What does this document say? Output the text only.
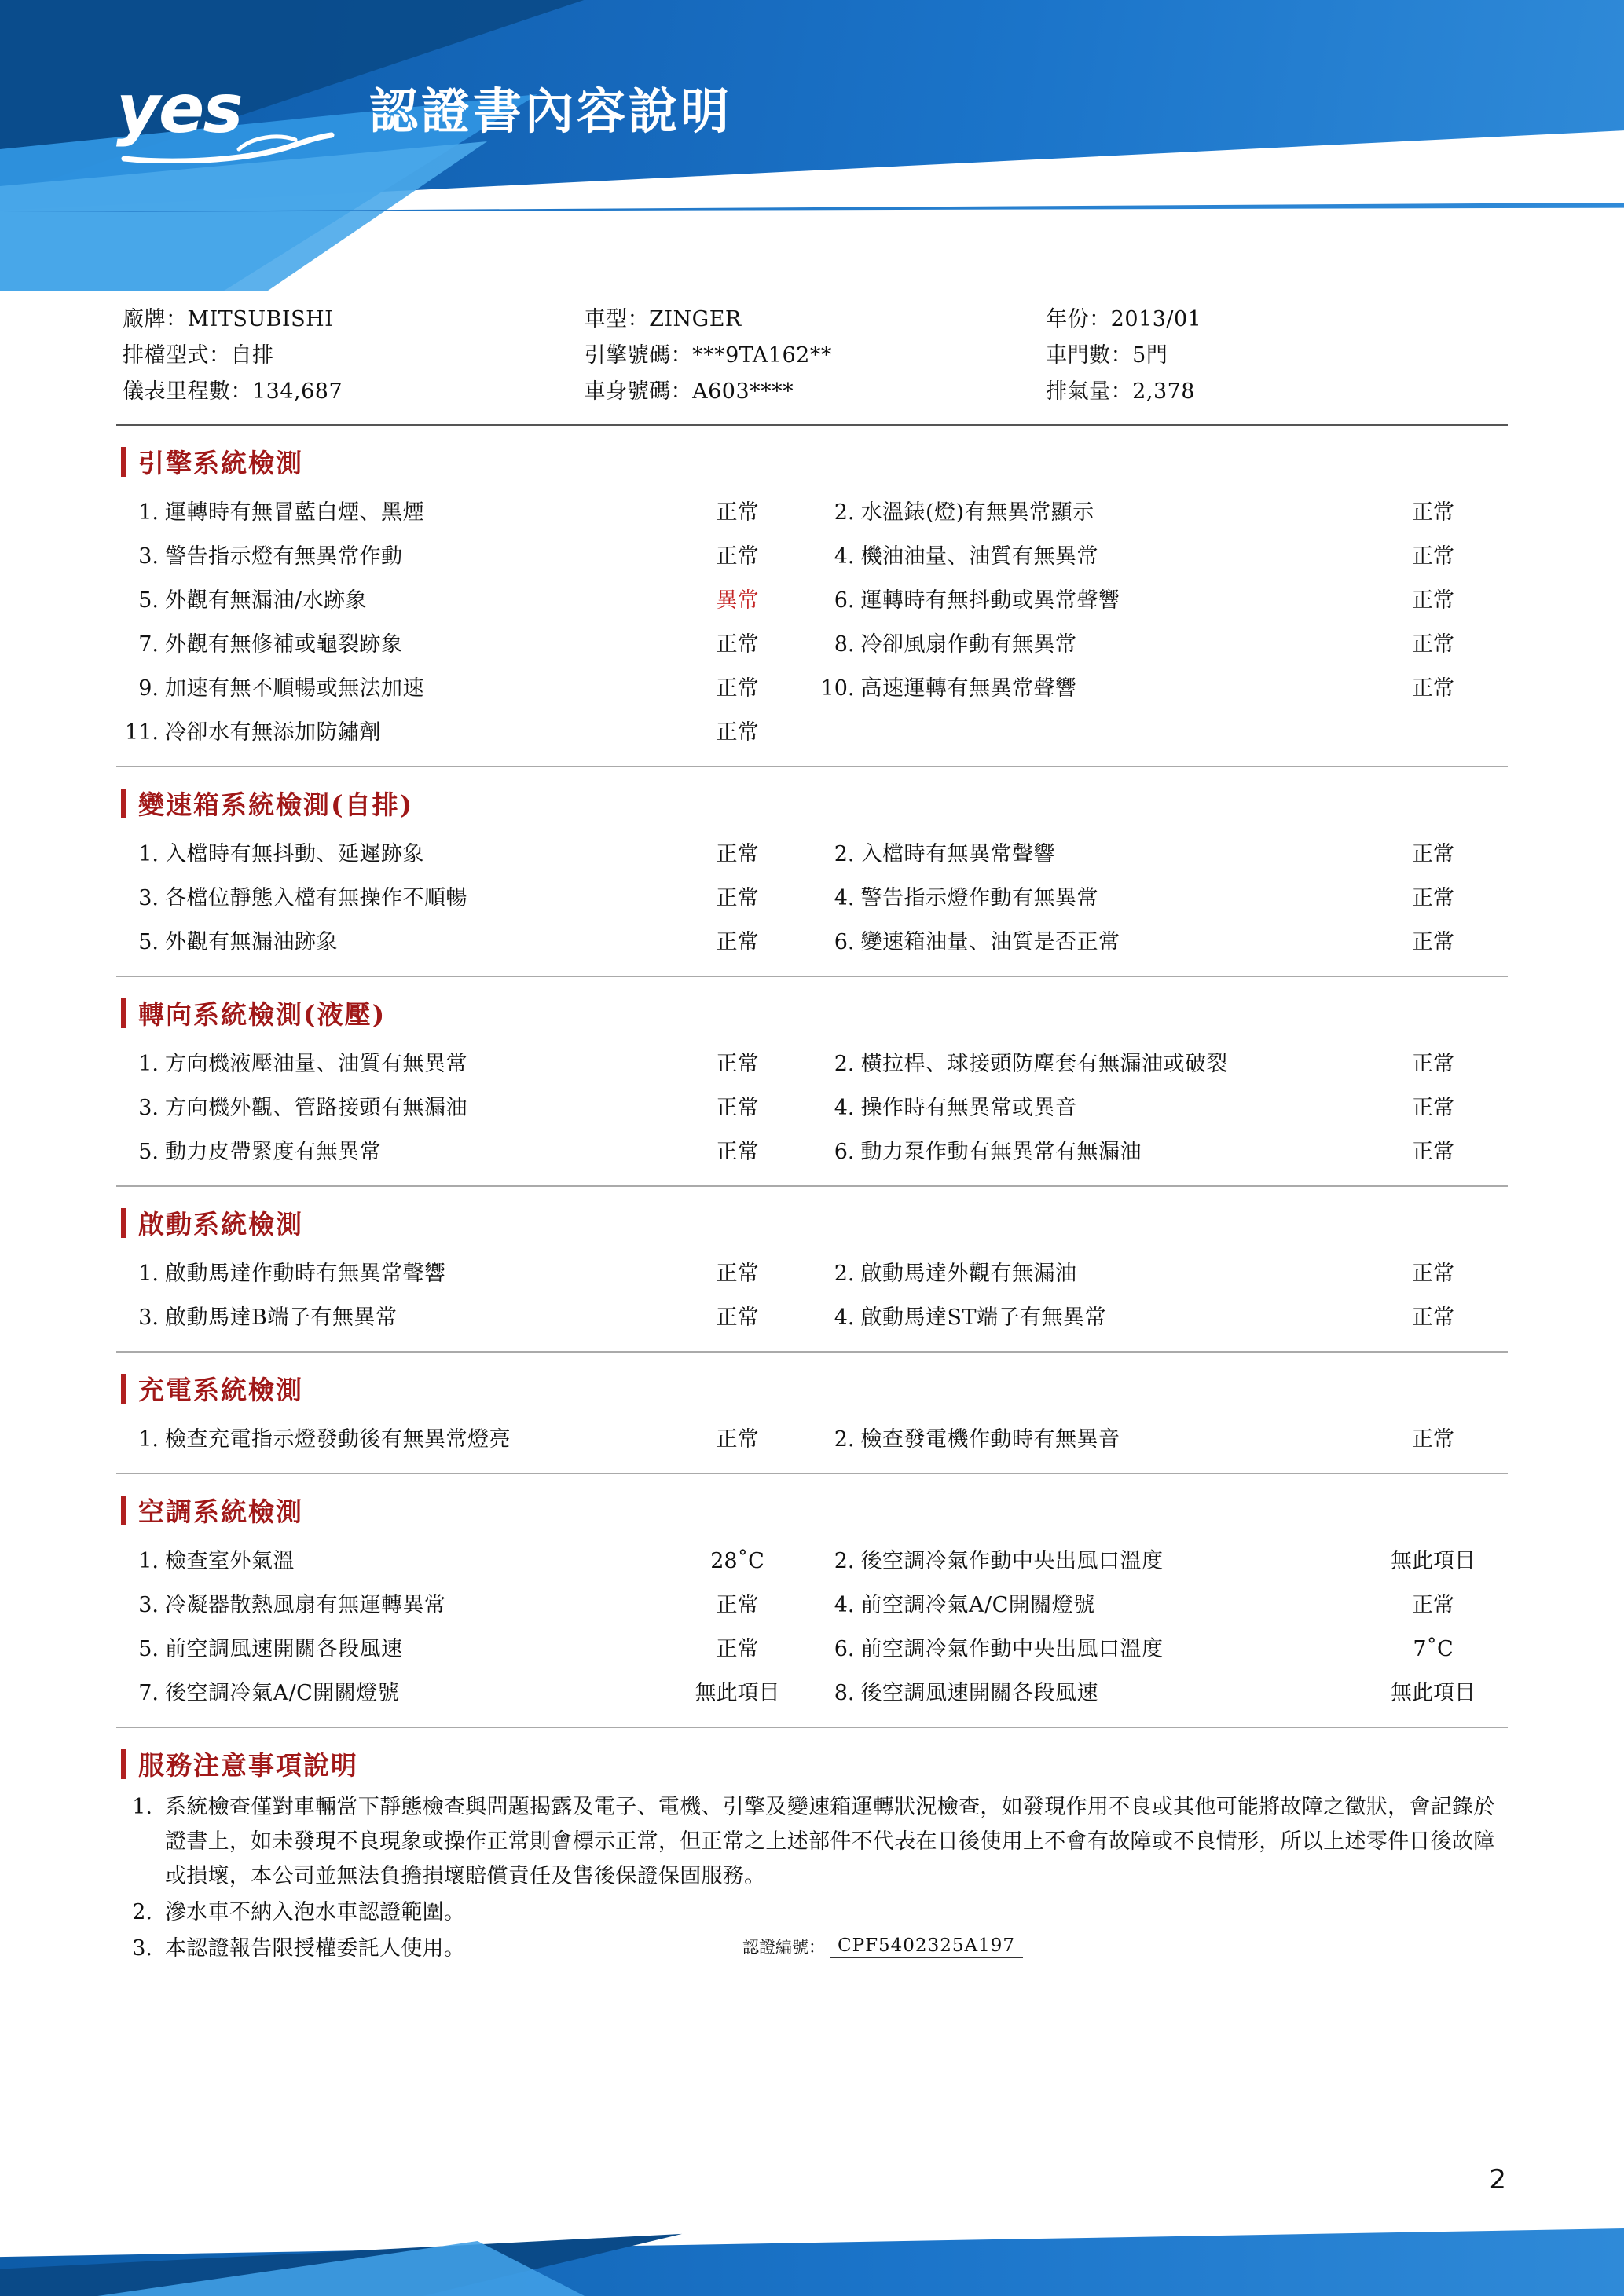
yes	認證書內容說明
廠牌：MITSUBISHI
排檔型式：自排
儀表里程數：134,687
車型：ZINGER
引擎號碼：***9TA162**
車身號碼：A603****
年份：2013/01
車門數：5門
排氣量：2,378
引擎系統檢測
1. 運轉時有無冒藍白煙、黑煙	正常	2. 水溫錶(燈)有無異常顯示	正常
3. 警告指示燈有無異常作動	正常	4. 機油油量、油質有無異常	正常
5. 外觀有無漏油/水跡象	異常	6. 運轉時有無抖動或異常聲響	正常
7. 外觀有無修補或龜裂跡象	正常	8. 冷卻風扇作動有無異常	正常
9. 加速有無不順暢或無法加速	正常	10. 高速運轉有無異常聲響	正常
11. 冷卻水有無添加防鏽劑	正常
變速箱系統檢測(自排)
1. 入檔時有無抖動、延遲跡象	正常	2. 入檔時有無異常聲響	正常
3. 各檔位靜態入檔有無操作不順暢	正常	4. 警告指示燈作動有無異常	正常
5. 外觀有無漏油跡象	正常	6. 變速箱油量、油質是否正常	正常
轉向系統檢測(液壓)
1. 方向機液壓油量、油質有無異常	正常	2. 橫拉桿、球接頭防塵套有無漏油或破裂	正常
3. 方向機外觀、管路接頭有無漏油	正常	4. 操作時有無異常或異音	正常
5. 動力皮帶緊度有無異常	正常	6. 動力泵作動有無異常有無漏油	正常
啟動系統檢測
1. 啟動馬達作動時有無異常聲響	正常	2. 啟動馬達外觀有無漏油	正常
3. 啟動馬達B端子有無異常	正常	4. 啟動馬達ST端子有無異常	正常
充電系統檢測
1. 檢查充電指示燈發動後有無異常燈亮	正常	2. 檢查發電機作動時有無異音	正常
空調系統檢測
1. 檢查室外氣溫	28˚C	2. 後空調冷氣作動中央出風口溫度	無此項目
3. 冷凝器散熱風扇有無運轉異常	正常	4. 前空調冷氣A/C開關燈號	正常
5. 前空調風速開關各段風速	正常	6. 前空調冷氣作動中央出風口溫度	7˚C
7. 後空調冷氣A/C開關燈號	無此項目	8. 後空調風速開關各段風速	無此項目
服務注意事項說明
1. 系統檢查僅對車輛當下靜態檢查與問題揭露及電子、電機、引擎及變速箱運轉狀況檢查，如發現作用不良或其他可能將故障之徵狀，會記錄於證書上，如未發現不良現象或操作正常則會標示正常，但正常之上述部件不代表在日後使用上不會有故障或不良情形，所以上述零件日後故障或損壞，本公司並無法負擔損壞賠償責任及售後保證保固服務。
2. 滲水車不納入泡水車認證範圍。
3. 本認證報告限授權委託人使用。	認證編號： CPF5402325A197
2
